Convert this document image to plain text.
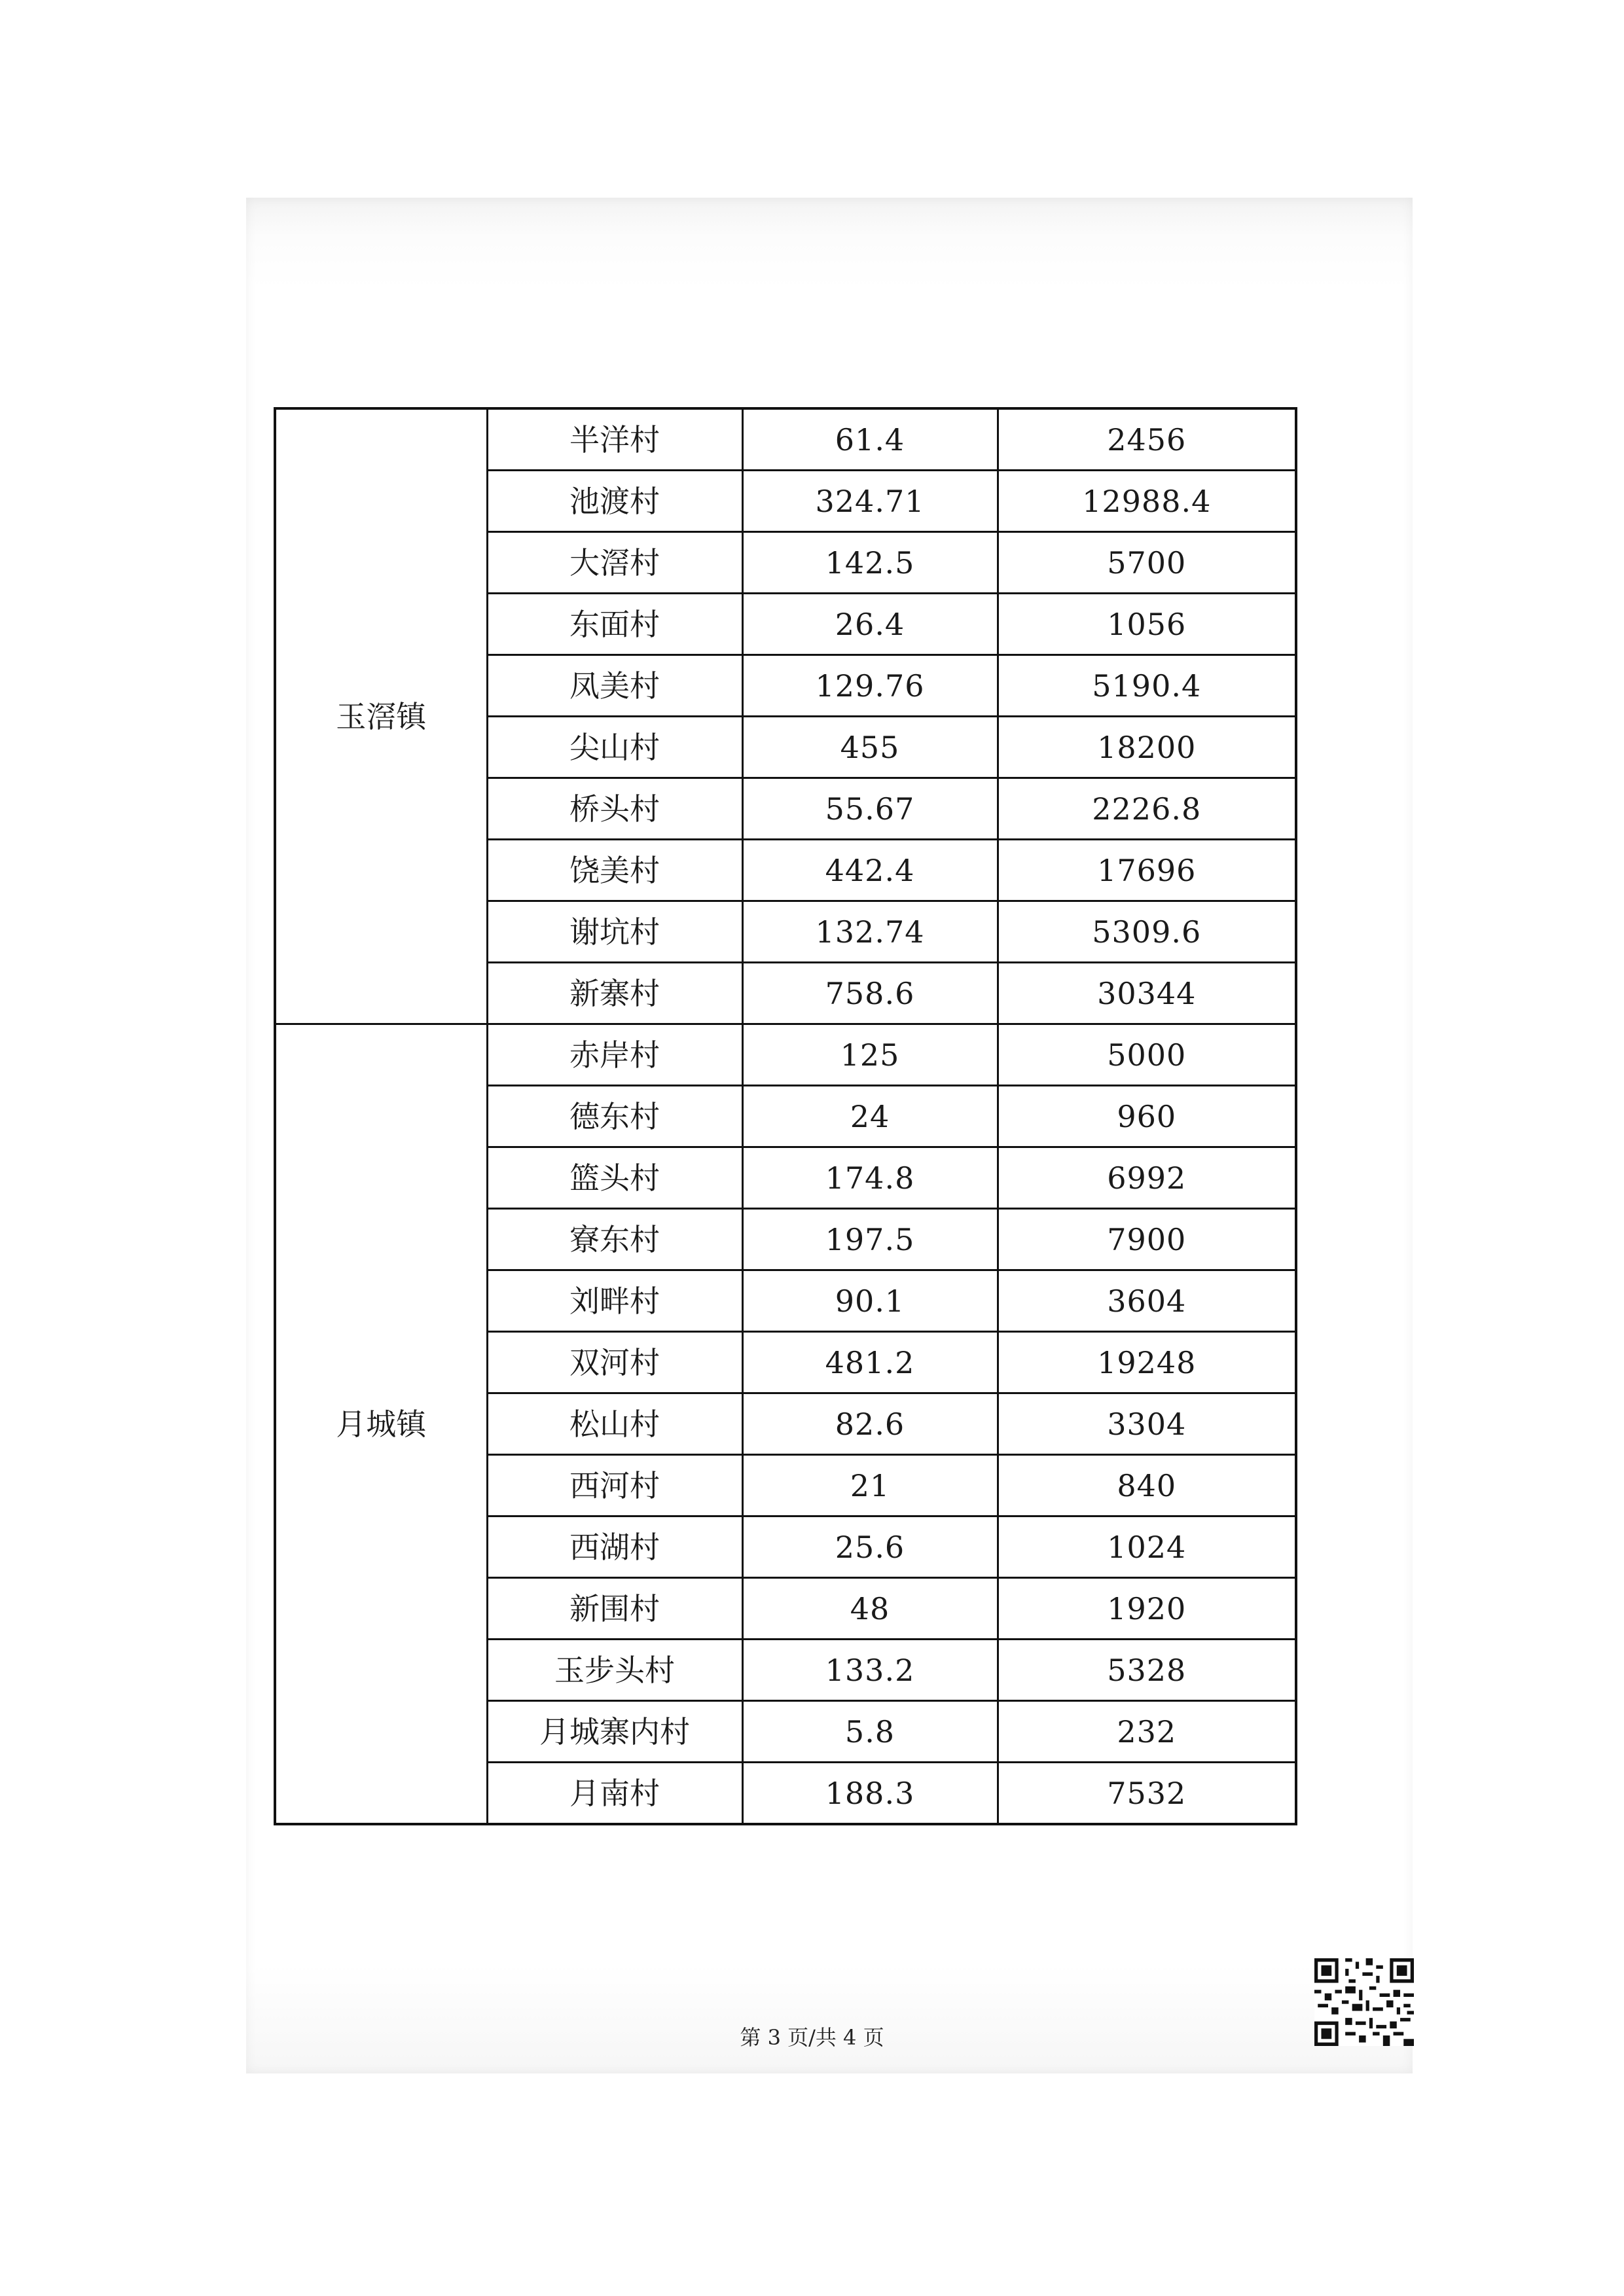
玉滘镇	半洋村	61.4	2456
	池渡村	324.71	12988.4
	大滘村	142.5	5700
	东面村	26.4	1056
	凤美村	129.76	5190.4
	尖山村	455	18200
	桥头村	55.67	2226.8
	饶美村	442.4	17696
	谢坑村	132.74	5309.6
	新寨村	758.6	30344
月城镇	赤岸村	125	5000
	德东村	24	960
	篮头村	174.8	6992
	寮东村	197.5	7900
	刘畔村	90.1	3604
	双河村	481.2	19248
	松山村	82.6	3304
	西河村	21	840
	西湖村	25.6	1024
	新围村	48	1920
	玉步头村	133.2	5328
	月城寨内村	5.8	232
	月南村	188.3	7532
第 3 页/共 4 页
